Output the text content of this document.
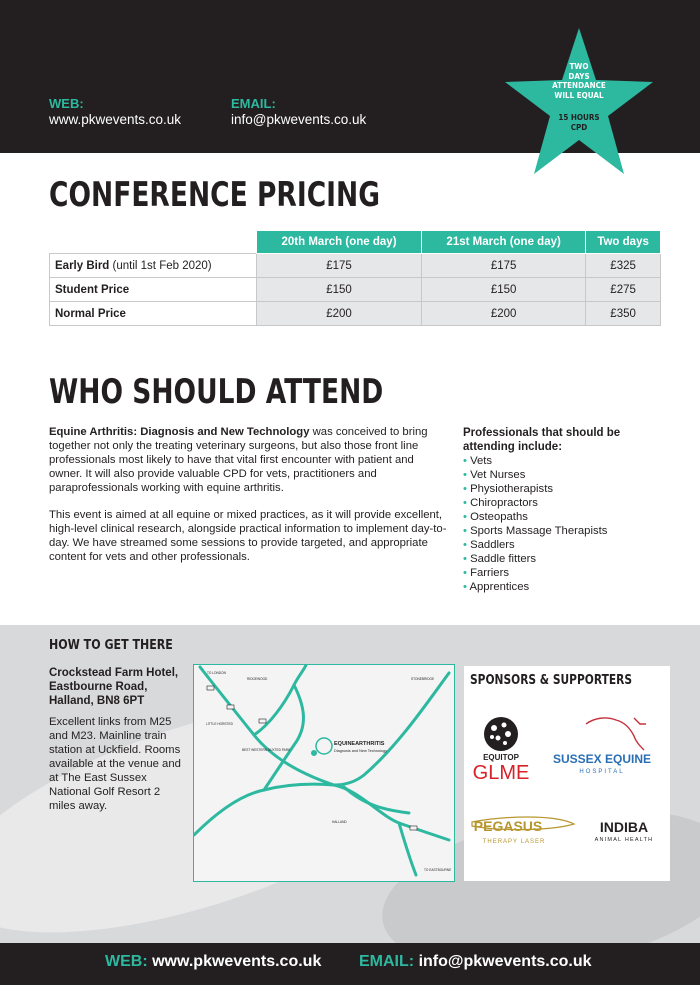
WEB:
www.pkwevents.co.uk
EMAIL:
info@pkwevents.co.uk
TWO
DAYS
ATTENDANCE
WILL EQUAL
15 HOURS
CPD
CONFERENCE PRICING
	20th March (one day)	21st March (one day)	Two days
Early Bird (until 1st Feb 2020)	£175	£175	£325
Student Price	£150	£150	£275
Normal Price	£200	£200	£350
WHO SHOULD ATTEND

Equine Arthritis: Diagnosis and New Technology was conceived to bring together not only the treating veterinary surgeons, but also those front line professionals most likely to have that vital first encounter with patient and owner. It will also provide valuable CPD for vets, practitioners and paraprofessionals working with equine arthritis.

This event is aimed at all equine or mixed practices, as it will provide excellent, high-level clinical research, alongside practical information to implement day-to-day. We have streamed some sessions to provide targeted, and appropriate content for vets and other professionals.

Professionals that should be attending include:
• Vets
• Vet Nurses
• Physiotherapists
• Chiropractors
• Osteopaths
• Sports Massage Therapists
• Saddlers
• Saddle fitters
• Farriers
• Apprentices
HOW TO GET THERE
Crockstead Farm Hotel, Eastbourne Road, Halland, BN8 6PT
Excellent links from M25 and M23. Mainline train station at Uckfield. Rooms available at the venue and at The East Sussex National Golf Resort 2 miles away.
TO LONDON
RIDGEWOOD	STONEBRIDGE
LITTLE HORSTED
BEST WESTERN BUXTED PARK
HALLAND
TO EASTBOURNE
EQUINEARTHRITIS
Diagnosis and New Technology
EQUITOP
GLME
SUSSEX EQUINE
HOSPITAL
PEGASUS
THERAPY LASER
INDIBA
ANIMAL HEALTH
SPONSORS & SUPPORTERS
WEB: www.pkwevents.co.uk EMAIL: info@pkwevents.co.uk
